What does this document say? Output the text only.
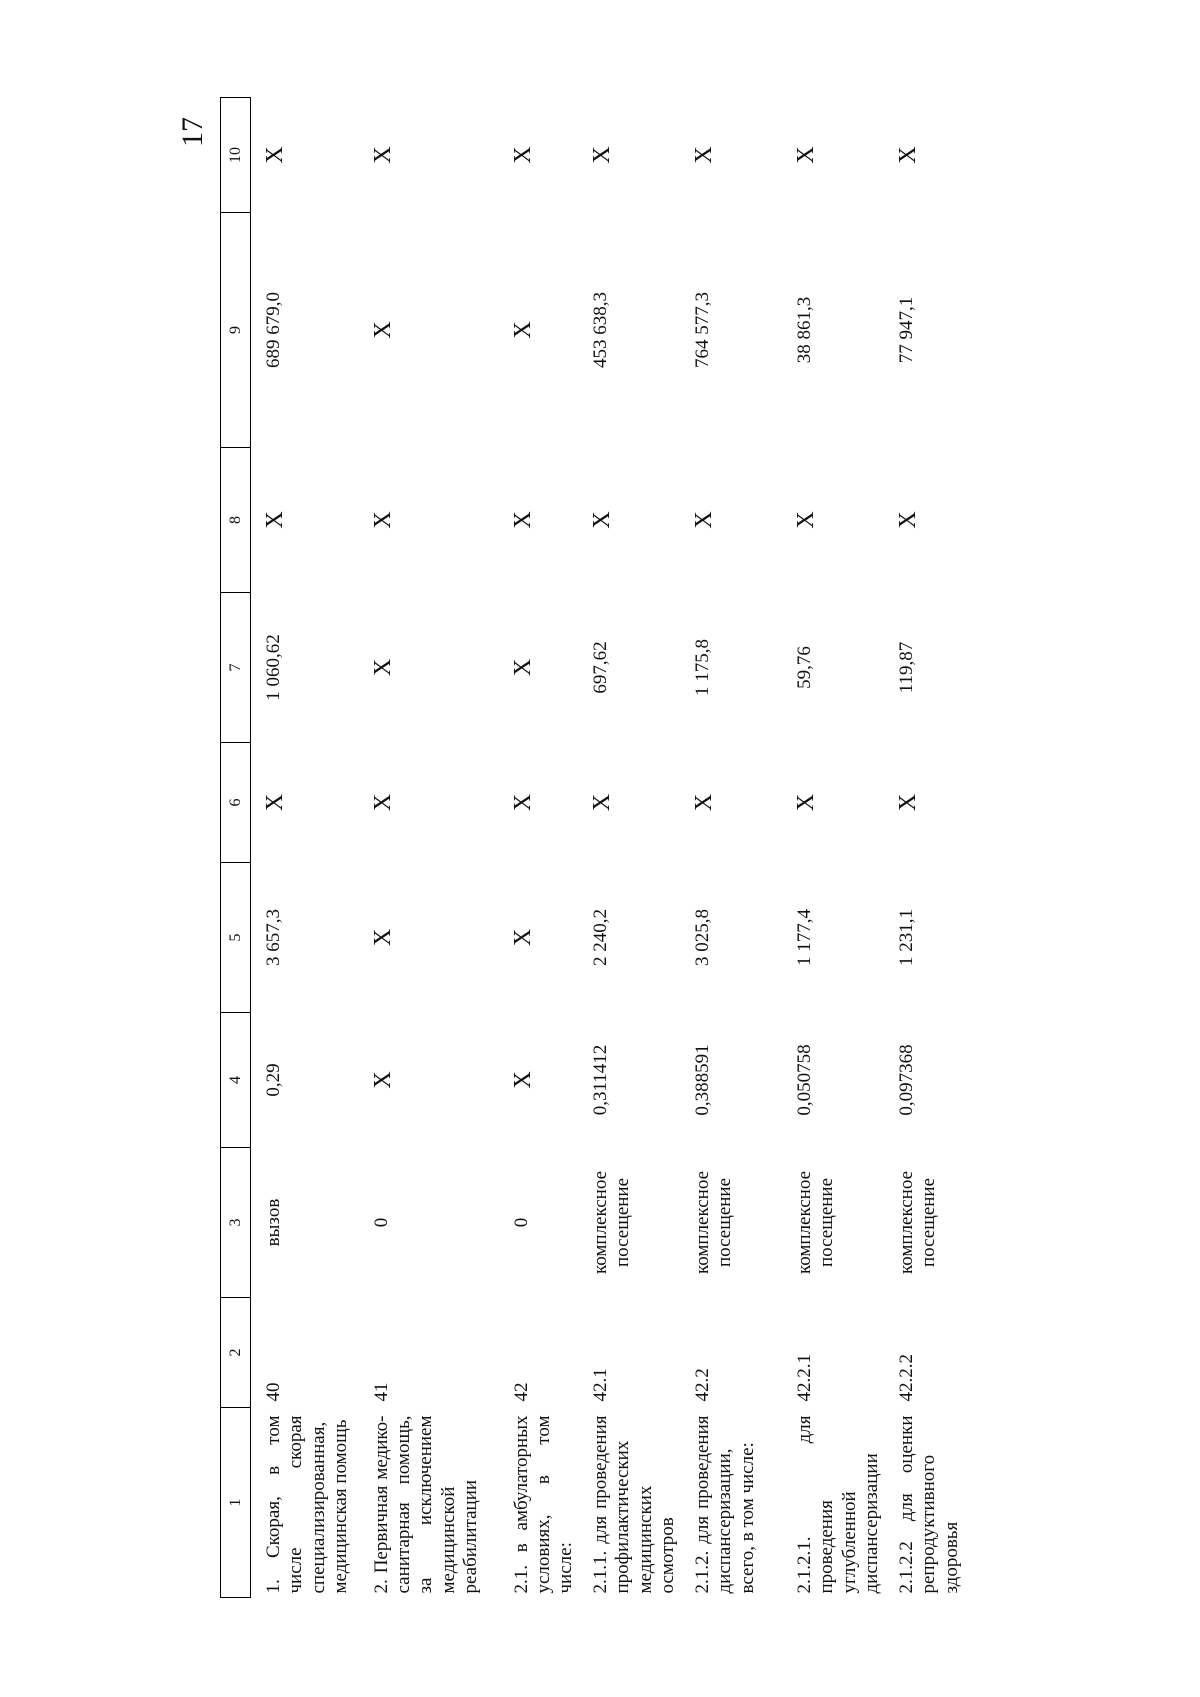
17
1	2	3	4	5	6	7	8	9	10
1. Скорая, в том числе скорая специализированная, медицинская помощь	40	вызов	0,29	3 657,3	X	1 060,62	X	689 679,0	X
2. Первичная медико-санитарная помощь, за исключением медицинской реабилитации	41	0	X	X	X	X	X	X	X
2.1. в амбулаторных условиях, в том числе:	42	0	X	X	X	X	X	X	X
2.1.1. для проведения профилактических медицинских осмотров	42.1	комплексное посещение	0,311412	2 240,2	X	697,62	X	453 638,3	X
2.1.2. для проведения диспансеризации, всего, в том числе:	42.2	комплексное посещение	0,388591	3 025,8	X	1 175,8	X	764 577,3	X
2.1.2.1. для проведения углубленной диспансеризации	42.2.1	комплексное посещение	0,050758	1 177,4	X	59,76	X	38 861,3	X
2.1.2.2 для оценки репродуктивного здоровья	42.2.2	комплексное посещение	0,097368	1 231,1	X	119,87	X	77 947,1	X
